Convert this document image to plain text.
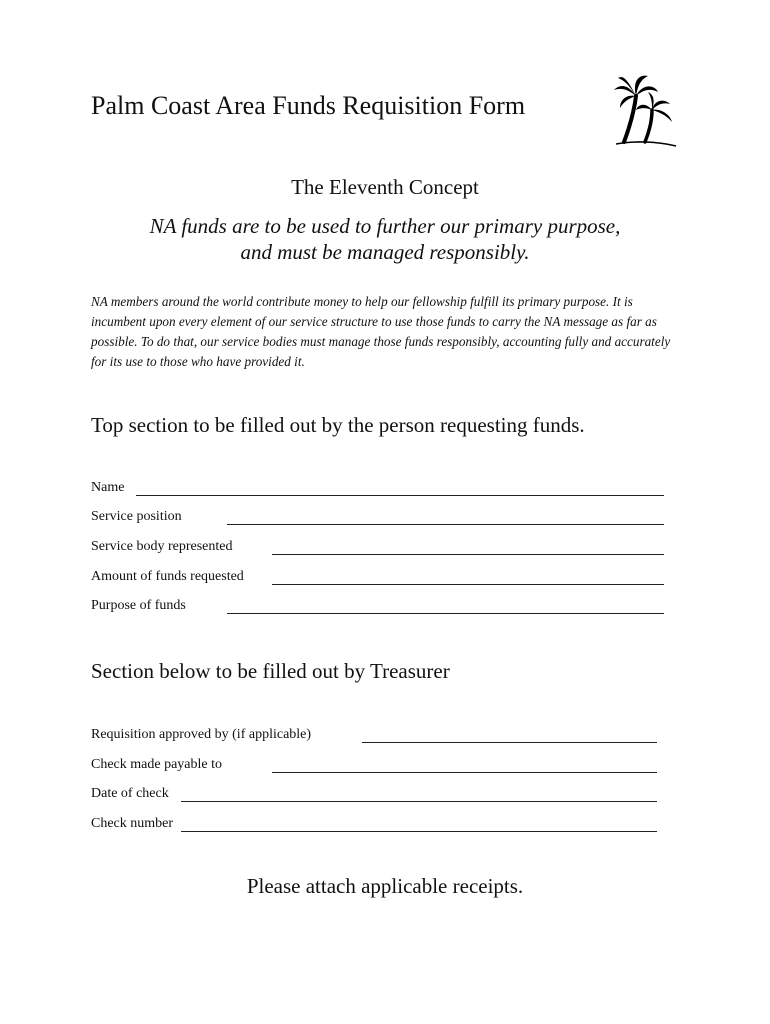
Palm Coast Area Funds Requisition Form
The Eleventh Concept
NA funds are to be used to further our primary purpose,
and must be managed responsibly.
NA members around the world contribute money to help our fellowship fulfill its primary purpose. It is incumbent upon every element of our service structure to use those funds to carry the NA message as far as possible. To do that, our service bodies must manage those funds responsibly, accounting fully and accurately for its use to those who have provided it.
Top section to be filled out by the person requesting funds.
Name
Service position
Service body represented
Amount of funds requested
Purpose of funds
Section below to be filled out by Treasurer
Requisition approved by (if applicable)
Check made payable to
Date of check
Check number
Please attach applicable receipts.
